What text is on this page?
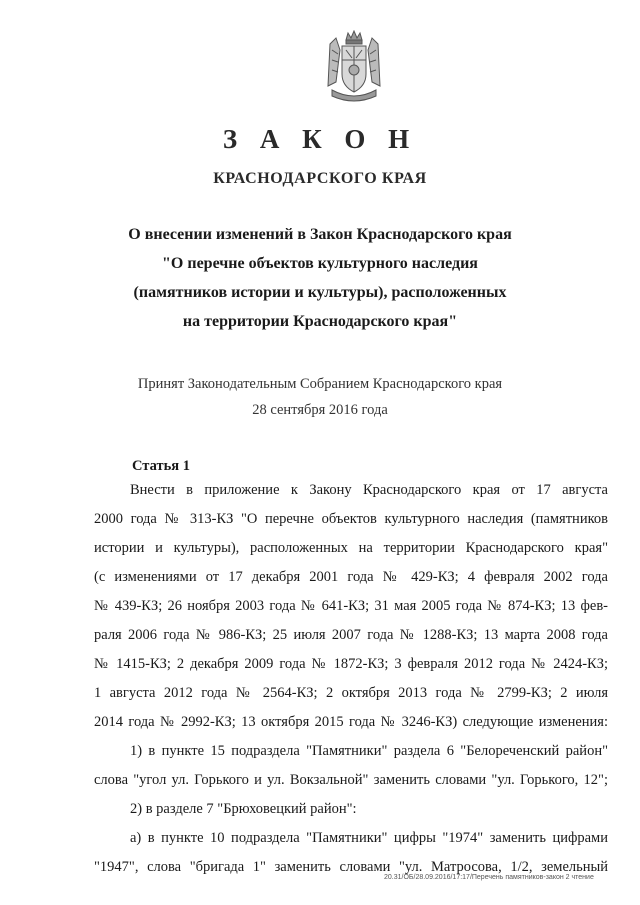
З А К О Н
КРАСНОДАРСКОГО КРАЯ
О внесении изменений в Закон Краснодарского края
"О перечне объектов культурного наследия
(памятников истории и культуры), расположенных
на территории Краснодарского края"
Принят Законодательным Собранием Краснодарского края
28 сентября 2016 года
Статья 1
Внести в приложение к Закону Краснодарского края от 17 августа
2000 года № 313-КЗ "О перечне объектов культурного наследия (памятников
истории и культуры), расположенных на территории Краснодарского края"
(с изменениями от 17 декабря 2001 года № 429-КЗ; 4 февраля 2002 года
№ 439-КЗ; 26 ноября 2003 года № 641-КЗ; 31 мая 2005 года № 874-КЗ; 13 фев-
раля 2006 года № 986-КЗ; 25 июля 2007 года № 1288-КЗ; 13 марта 2008 года
№ 1415-КЗ; 2 декабря 2009 года № 1872-КЗ; 3 февраля 2012 года № 2424-КЗ;
1 августа 2012 года № 2564-КЗ; 2 октября 2013 года № 2799-КЗ; 2 июля
2014 года № 2992-КЗ; 13 октября 2015 года № 3246-КЗ) следующие изменения:
1) в пункте 15 подраздела "Памятники" раздела 6 "Белореченский район"
слова "угол ул. Горького и ул. Вокзальной" заменить словами "ул. Горького, 12";
2) в разделе 7 "Брюховецкий район":
а) в пункте 10 подраздела "Памятники" цифры "1974" заменить цифрами
"1947", слова "бригада 1" заменить словами "ул. Матросова, 1/2, земельный
20.31/ОБ/28.09.2016/17:17/Перечень памятников-закон 2 чтение
